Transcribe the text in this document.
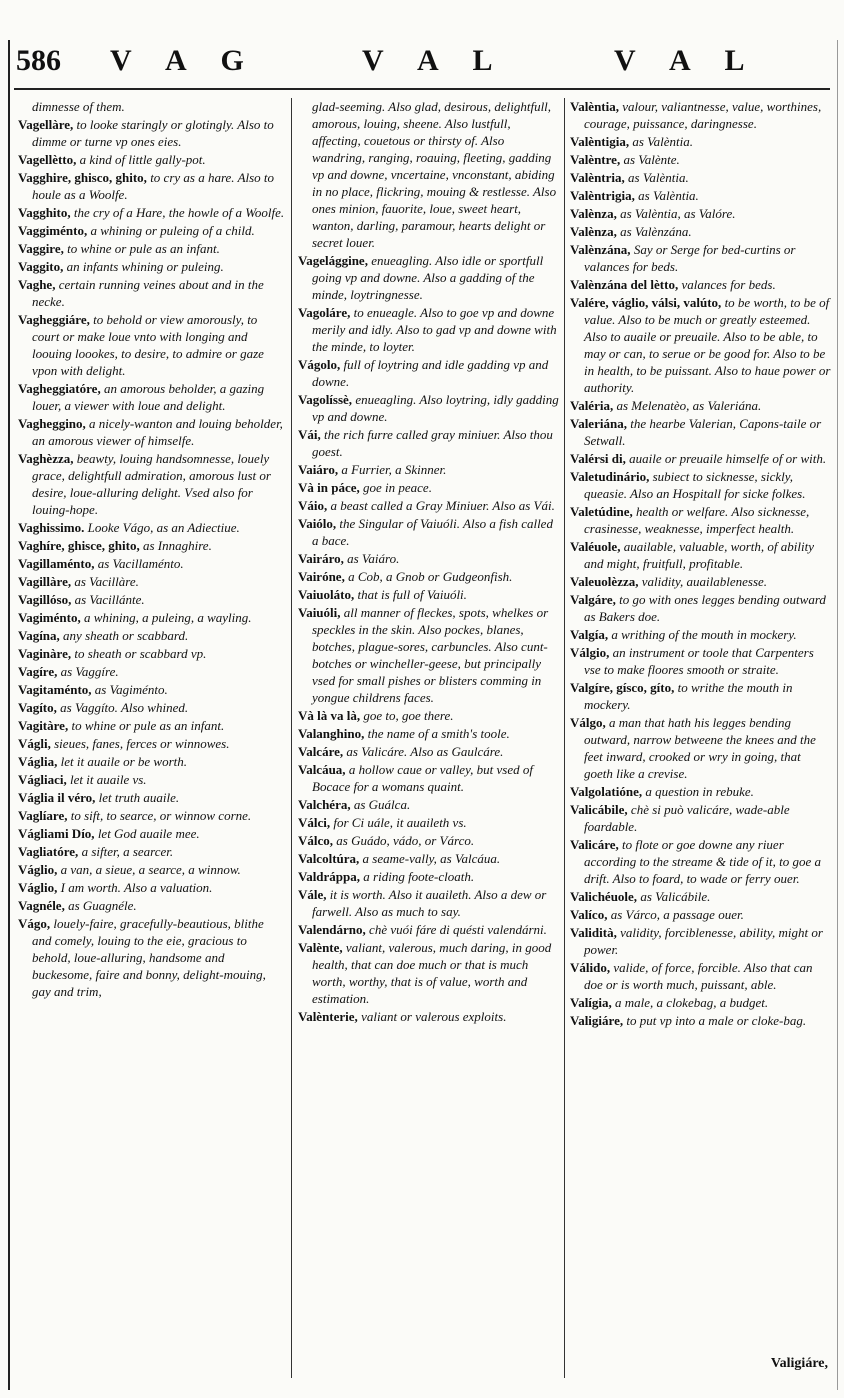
586 V A G	V A L	V A L
dimnesse of them.
Vagellàre, to looke staringly or glotingly. Also to dimme or turne vp ones eies.
Vagellètto, a kind of little gally-pot.
Vagghire, ghisco, ghito, to cry as a hare. Also to houle as a Woolfe.
Vagghito, the cry of a Hare, the howle of a Woolfe.
Vaggiménto, a whining or puleing of a child.
Vaggire, to whine or pule as an infant.
Vaggito, an infants whining or puleing.
Vaghe, certain running veines about and in the necke.
Vagheggiáre, to behold or view amorously, to court or make loue vnto with longing and loouing loookes, to desire, to admire or gaze vpon with delight.
Vagheggiatóre, an amorous beholder, a gazing louer, a viewer with loue and delight.
Vagheggino, a nicely-wanton and louing beholder, an amorous viewer of himselfe.
Vaghèzza, beawty, louing handsomnesse, louely grace, delightfull admiration, amorous lust or desire, loue-alluring delight. Vsed also for louing-hope.
Vaghissimo. Looke Vágo, as an Adiectiue.
Vaghíre, ghisce, ghito, as Innaghire.
Vagillaménto, as Vacillaménto.
Vagillàre, as Vacillàre.
Vagillóso, as Vacillánte.
Vagiménto, a whining, a puleing, a wayling.
Vagína, any sheath or scabbard.
Vaginàre, to sheath or scabbard vp.
Vagíre, as Vaggíre.
Vagitaménto, as Vagiménto.
Vagíto, as Vaggíto. Also whined.
Vagitàre, to whine or pule as an infant.
Vágli, sieues, fanes, ferces or winnowes.
Váglia, let it auaile or be worth.
Vágliaci, let it auaile vs.
Váglia il véro, let truth auaile.
Vaglíare, to sift, to searce, or winnow corne.
Vágliami Dío, let God auaile mee.
Vagliatóre, a sifter, a searcer.
Váglio, a van, a sieue, a searce, a winnow.
Váglio, I am worth. Also a valuation.
Vagnéle, as Guagnéle.
Vágo, louely-faire, gracefully-beautious, blithe and comely, louing to the eie, gracious to behold, loue-alluring, handsome and buckesome, faire and bonny, delight-mouing, gay and trim,
glad-seeming. Also glad, desirous, delightfull, amorous, louing, sheene. Also lustfull, affecting, couetous or thirsty of. Also wandring, ranging, roauing, fleeting, gadding vp and downe, vncertaine, vnconstant, abiding in no place, flickring, mouing & restlesse. Also ones minion, fauorite, loue, sweet heart, wanton, darling, paramour, hearts delight or secret louer.
Vagelággine, enueagling. Also idle or sportfull going vp and downe. Also a gadding of the minde, loytringnesse.
Vagoláre, to enueagle. Also to goe vp and downe merily and idly. Also to gad vp and downe with the minde, to loyter.
Vágolo, full of loytring and idle gadding vp and downe.
Vagolíssè, enueagling. Also loytring, idly gadding vp and downe.
Vái, the rich furre called gray miniuer. Also thou goest.
Vaiáro, a Furrier, a Skinner.
Và in páce, goe in peace.
Váio, a beast called a Gray Miniuer. Also as Vái.
Vaiólo, the Singular of Vaiuóli. Also a fish called a bace.
Vairáro, as Vaiáro.
Vairóne, a Cob, a Gnob or Gudgeonfish.
Vaiuoláto, that is full of Vaiuóli.
Vaiuóli, all manner of fleckes, spots, whelkes or speckles in the skin. Also pockes, blanes, botches, plague-sores, carbuncles. Also cunt-botches or wincheller-geese, but principally vsed for small pishes or blisters comming in yongue childrens faces.
Và là va là, goe to, goe there.
Valanghino, the name of a smith's toole.
Valcáre, as Valicáre. Also as Gaulcáre.
Valcáua, a hollow caue or valley, but vsed of Bocace for a womans quaint.
Valchéra, as Guálca.
Válci, for Ci uále, it auaileth vs.
Válco, as Guádo, vádo, or Várco.
Valcoltúra, a seame-vally, as Valcáua.
Valdráppa, a riding foote-cloath.
Vále, it is worth. Also it auaileth. Also a dew or farwell. Also as much to say.
Valendárno, chè vuói fáre di quésti valendárni.
Valènte, valiant, valerous, much daring, in good health, that can doe much or that is much worth, worthy, that is of value, worth and estimation.
Valènterie, valiant or valerous exploits.
Valèntia, valour, valiantnesse, value, worthines, courage, puissance, daringnesse.
Valèntigia, as Valèntia.
Valèntre, as Valènte.
Valèntria, as Valèntia.
Valèntrigia, as Valèntia.
Valènza, as Valèntia, as Valóre.
Valènza, as Valènzána.
Valènzána, Say or Serge for bed-curtins or valances for beds.
Valènzána del lètto, valances for beds.
Valére, váglio, válsi, valúto, to be worth, to be of value. Also to be much or greatly esteemed. Also to auaile or preuaile. Also to be able, to may or can, to serue or be good for. Also to be in health, to be puissant. Also to haue power or authority.
Valéria, as Melenatèo, as Valeriána.
Valeriána, the hearbe Valerian, Capons-taile or Setwall.
Valérsi di, auaile or preuaile himselfe of or with.
Valetudinário, subiect to sicknesse, sickly, queasie. Also an Hospitall for sicke folkes.
Valetúdine, health or welfare. Also sicknesse, crasinesse, weaknesse, imperfect health.
Valéuole, auailable, valuable, worth, of ability and might, fruitfull, profitable.
Valeuolèzza, validity, auailablenesse.
Valgáre, to go with ones legges bending outward as Bakers doe.
Valgía, a writhing of the mouth in mockery.
Válgio, an instrument or toole that Carpenters vse to make floores smooth or straite.
Valgíre, gísco, gíto, to writhe the mouth in mockery.
Válgo, a man that hath his legges bending outward, narrow betweene the knees and the feet inward, crooked or wry in going, that goeth like a crevise.
Valgolatióne, a question in rebuke.
Valicábile, chè si può valicáre, wade-able foardable.
Valicáre, to flote or goe downe any riuer according to the streame & tide of it, to goe a drift. Also to foard, to wade or ferry ouer.
Valichéuole, as Valicábile.
Valíco, as Várco, a passage ouer.
Validità, validity, forciblenesse, ability, might or power.
Válido, valide, of force, forcible. Also that can doe or is worth much, puissant, able.
Valígia, a male, a clokebag, a budget.
Valigiáre, to put vp into a male or cloke-bag.
Valigiáre,
